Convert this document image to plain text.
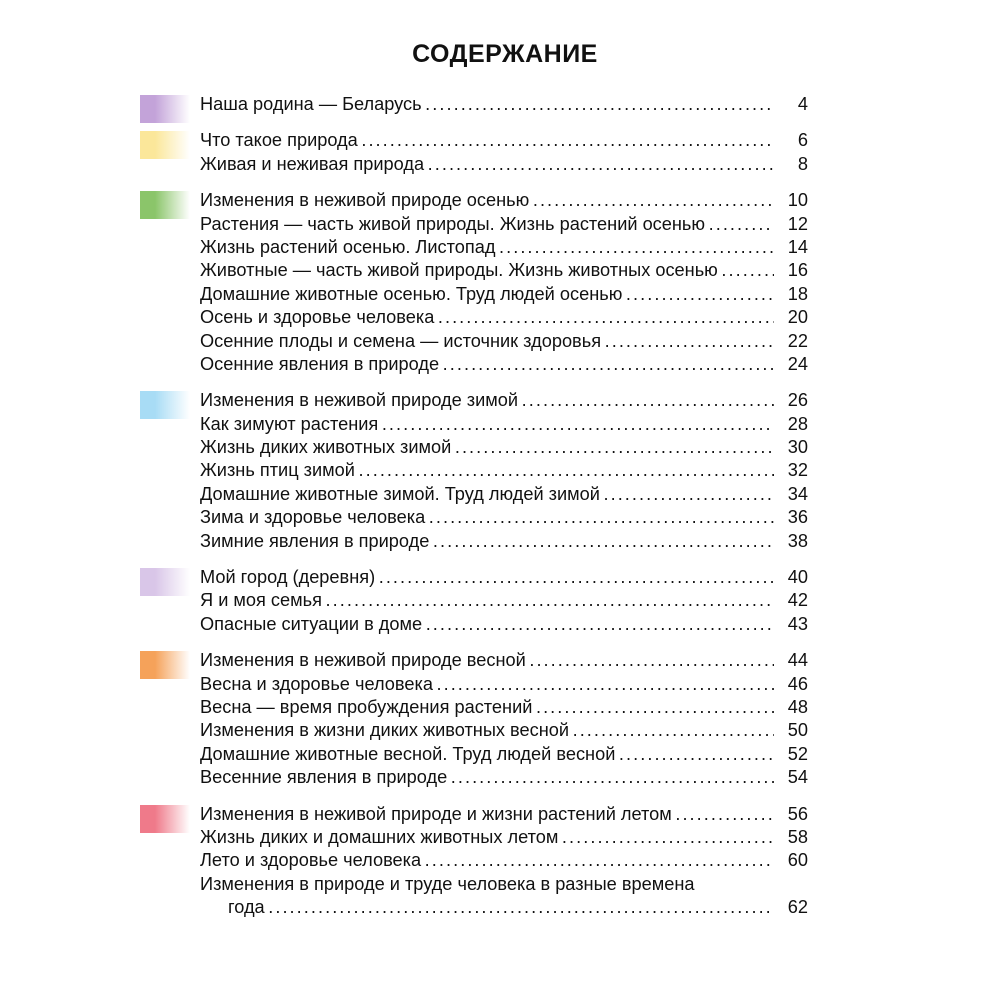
СОДЕРЖАНИЕ
Наша родина — Беларусь . . .	4
Что такое природа . . .	6
Живая и неживая природа . . .	8
Изменения в неживой природе осенью . . .	10
Растения — часть живой природы. Жизнь растений осенью . . .	12
Жизнь растений осенью. Листопад . . .	14
Животные — часть живой природы. Жизнь животных осенью . . .	16
Домашние животные осенью. Труд людей осенью . . .	18
Осень и здоровье человека . . .	20
Осенние плоды и семена — источник здоровья . . .	22
Осенние явления в природе . . .	24
Изменения в неживой природе зимой . . .	26
Как зимуют растения . . .	28
Жизнь диких животных зимой . . .	30
Жизнь птиц зимой . . .	32
Домашние животные зимой. Труд людей зимой . . .	34
Зима и здоровье человека . . .	36
Зимние явления в природе . . .	38
Мой город (деревня) . . .	40
Я и моя семья . . .	42
Опасные ситуации в доме . . .	43
Изменения в неживой природе весной . . .	44
Весна и здоровье человека . . .	46
Весна — время пробуждения растений . . .	48
Изменения в жизни диких животных весной . . .	50
Домашние животные весной. Труд людей весной . . .	52
Весенние явления в природе . . .	54
Изменения в неживой природе и жизни растений летом . . .	56
Жизнь диких и домашних животных летом . . .	58
Лето и здоровье человека . . .	60
Изменения в природе и труде человека в разные времена
года . . .	62
